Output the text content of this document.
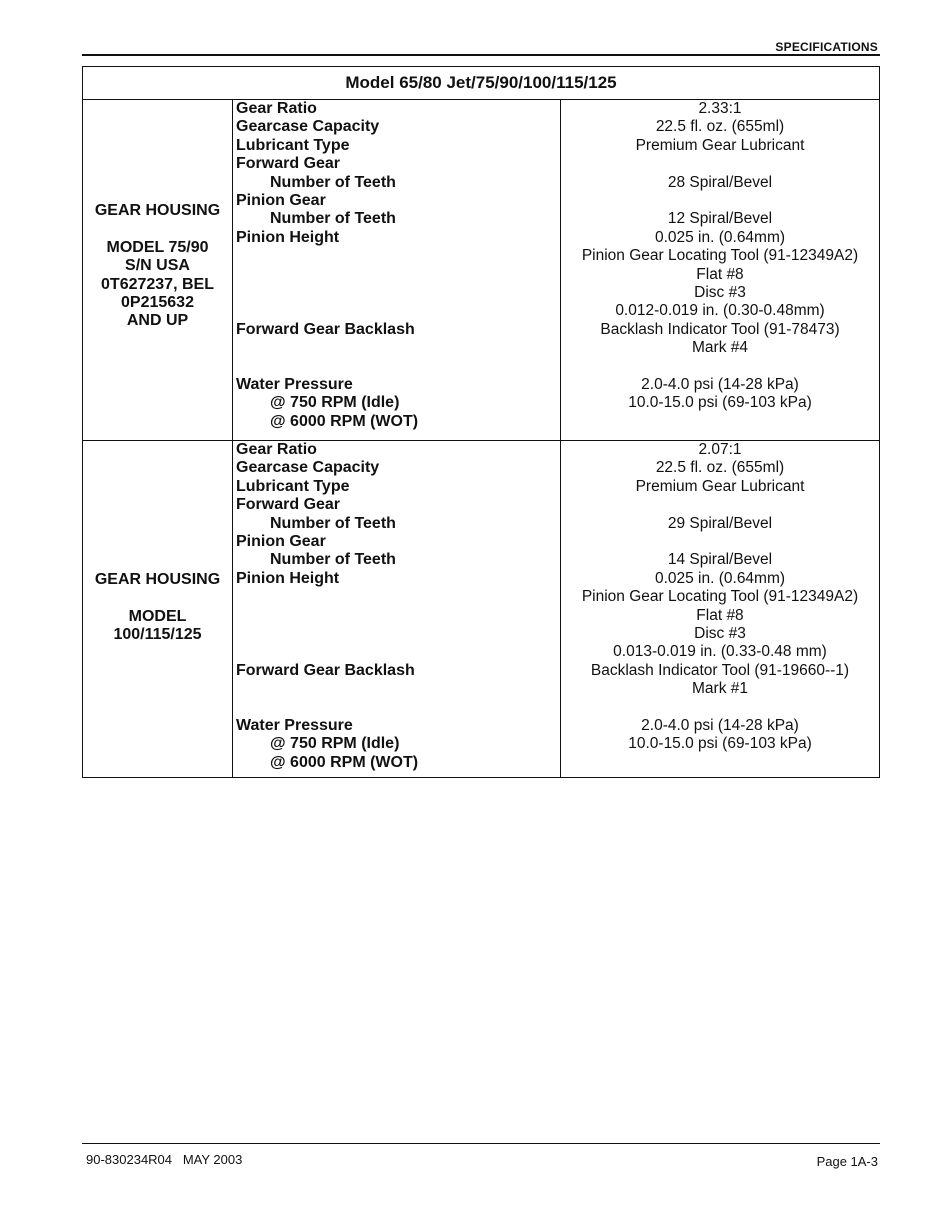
SPECIFICATIONS
Model 65/80 Jet/75/90/100/115/125
GEAR HOUSING
MODEL 75/90
S/N USA
0T627237, BEL
0P215632
AND UP
Gear Ratio
Gearcase Capacity
Lubricant Type
Forward Gear
Number of Teeth
Pinion Gear
Number of Teeth
Pinion Height
Forward Gear Backlash
Water Pressure
@ 750 RPM (Idle)
@ 6000 RPM (WOT)
2.33:1
22.5 fl. oz. (655ml)
Premium Gear Lubricant
28 Spiral/Bevel
12 Spiral/Bevel
0.025 in. (0.64mm)
Pinion Gear Locating Tool (91-12349A2)
Flat #8
Disc #3
0.012-0.019 in. (0.30-0.48mm)
Backlash Indicator Tool (91-78473)
Mark #4
2.0-4.0 psi (14-28 kPa)
10.0-15.0 psi (69-103 kPa)
GEAR HOUSING
MODEL
100/115/125
Gear Ratio
Gearcase Capacity
Lubricant Type
Forward Gear
Number of Teeth
Pinion Gear
Number of Teeth
Pinion Height
Forward Gear Backlash
Water Pressure
@ 750 RPM (Idle)
@ 6000 RPM (WOT)
2.07:1
22.5 fl. oz. (655ml)
Premium Gear Lubricant
29 Spiral/Bevel
14 Spiral/Bevel
0.025 in. (0.64mm)
Pinion Gear Locating Tool (91-12349A2)
Flat #8
Disc #3
0.013-0.019 in. (0.33-0.48 mm)
Backlash Indicator Tool (91-19660--1)
Mark #1
2.0-4.0 psi (14-28 kPa)
10.0-15.0 psi (69-103 kPa)
90-830234R04   MAY 2003	Page 1A-3
